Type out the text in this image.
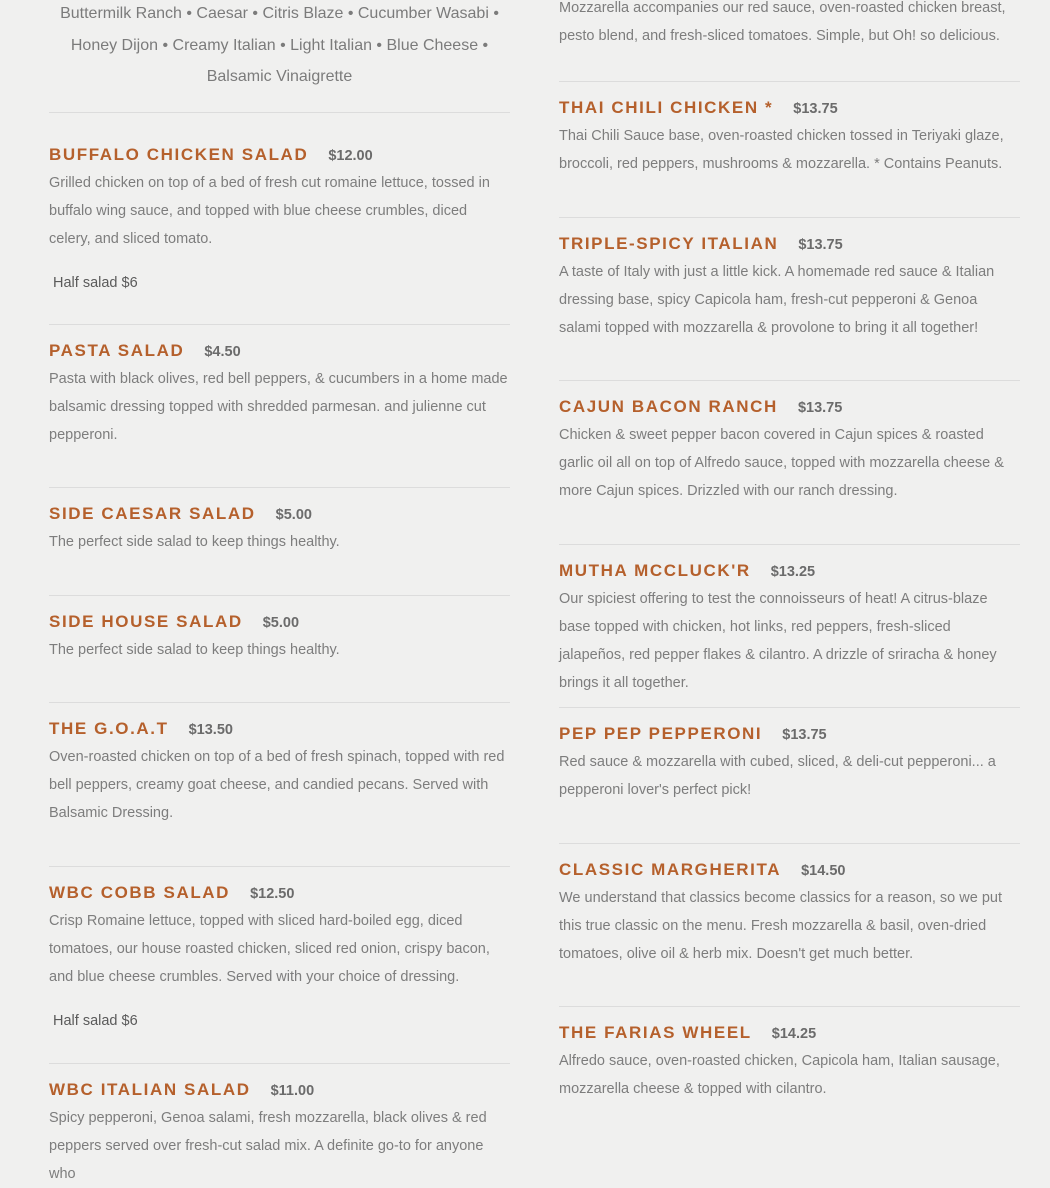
Buttermilk Ranch • Caesar • Citris Blaze • Cucumber Wasabi •
Honey Dijon • Creamy Italian • Light Italian • Blue Cheese •
Balsamic Vinaigrette
BUFFALO CHICKEN SALAD $12.00
Grilled chicken on top of a bed of fresh cut romaine lettuce, tossed in buffalo wing sauce, and topped with blue cheese crumbles, diced celery, and sliced tomato.
Half salad $6
PASTA SALAD $4.50
Pasta with black olives, red bell peppers, & cucumbers in a home made balsamic dressing topped with shredded parmesan. and julienne cut pepperoni.
SIDE CAESAR SALAD $5.00
The perfect side salad to keep things healthy.
SIDE HOUSE SALAD $5.00
The perfect side salad to keep things healthy.
THE G.O.A.T $13.50
Oven-roasted chicken on top of a bed of fresh spinach, topped with red bell peppers, creamy goat cheese, and candied pecans. Served with Balsamic Dressing.
WBC COBB SALAD $12.50
Crisp Romaine lettuce, topped with sliced hard-boiled egg, diced tomatoes, our house roasted chicken, sliced red onion, crispy bacon, and blue cheese crumbles. Served with your choice of dressing.
Half salad $6
WBC ITALIAN SALAD $11.00
Spicy pepperoni, Genoa salami, fresh mozzarella, black olives & red peppers served over fresh-cut salad mix. A definite go-to for anyone who
Mozzarella accompanies our red sauce, oven-roasted chicken breast, pesto blend, and fresh-sliced tomatoes. Simple, but Oh! so delicious.
THAI CHILI CHICKEN * $13.75
Thai Chili Sauce base, oven-roasted chicken tossed in Teriyaki glaze, broccoli, red peppers, mushrooms & mozzarella. * Contains Peanuts.
TRIPLE-SPICY ITALIAN $13.75
A taste of Italy with just a little kick. A homemade red sauce & Italian dressing base, spicy Capicola ham, fresh-cut pepperoni & Genoa salami topped with mozzarella & provolone to bring it all together!
CAJUN BACON RANCH $13.75
Chicken & sweet pepper bacon covered in Cajun spices & roasted garlic oil all on top of Alfredo sauce, topped with mozzarella cheese & more Cajun spices. Drizzled with our ranch dressing.
MUTHA MCCLUCK'R $13.25
Our spiciest offering to test the connoisseurs of heat! A citrus-blaze base topped with chicken, hot links, red peppers, fresh-sliced jalapeños, red pepper flakes & cilantro. A drizzle of sriracha & honey brings it all together.
PEP PEP PEPPERONI $13.75
Red sauce & mozzarella with cubed, sliced, & deli-cut pepperoni... a pepperoni lover's perfect pick!
CLASSIC MARGHERITA $14.50
We understand that classics become classics for a reason, so we put this true classic on the menu. Fresh mozzarella & basil, oven-dried tomatoes, olive oil & herb mix. Doesn't get much better.
THE FARIAS WHEEL $14.25
Alfredo sauce, oven-roasted chicken, Capicola ham, Italian sausage, mozzarella cheese & topped with cilantro.
